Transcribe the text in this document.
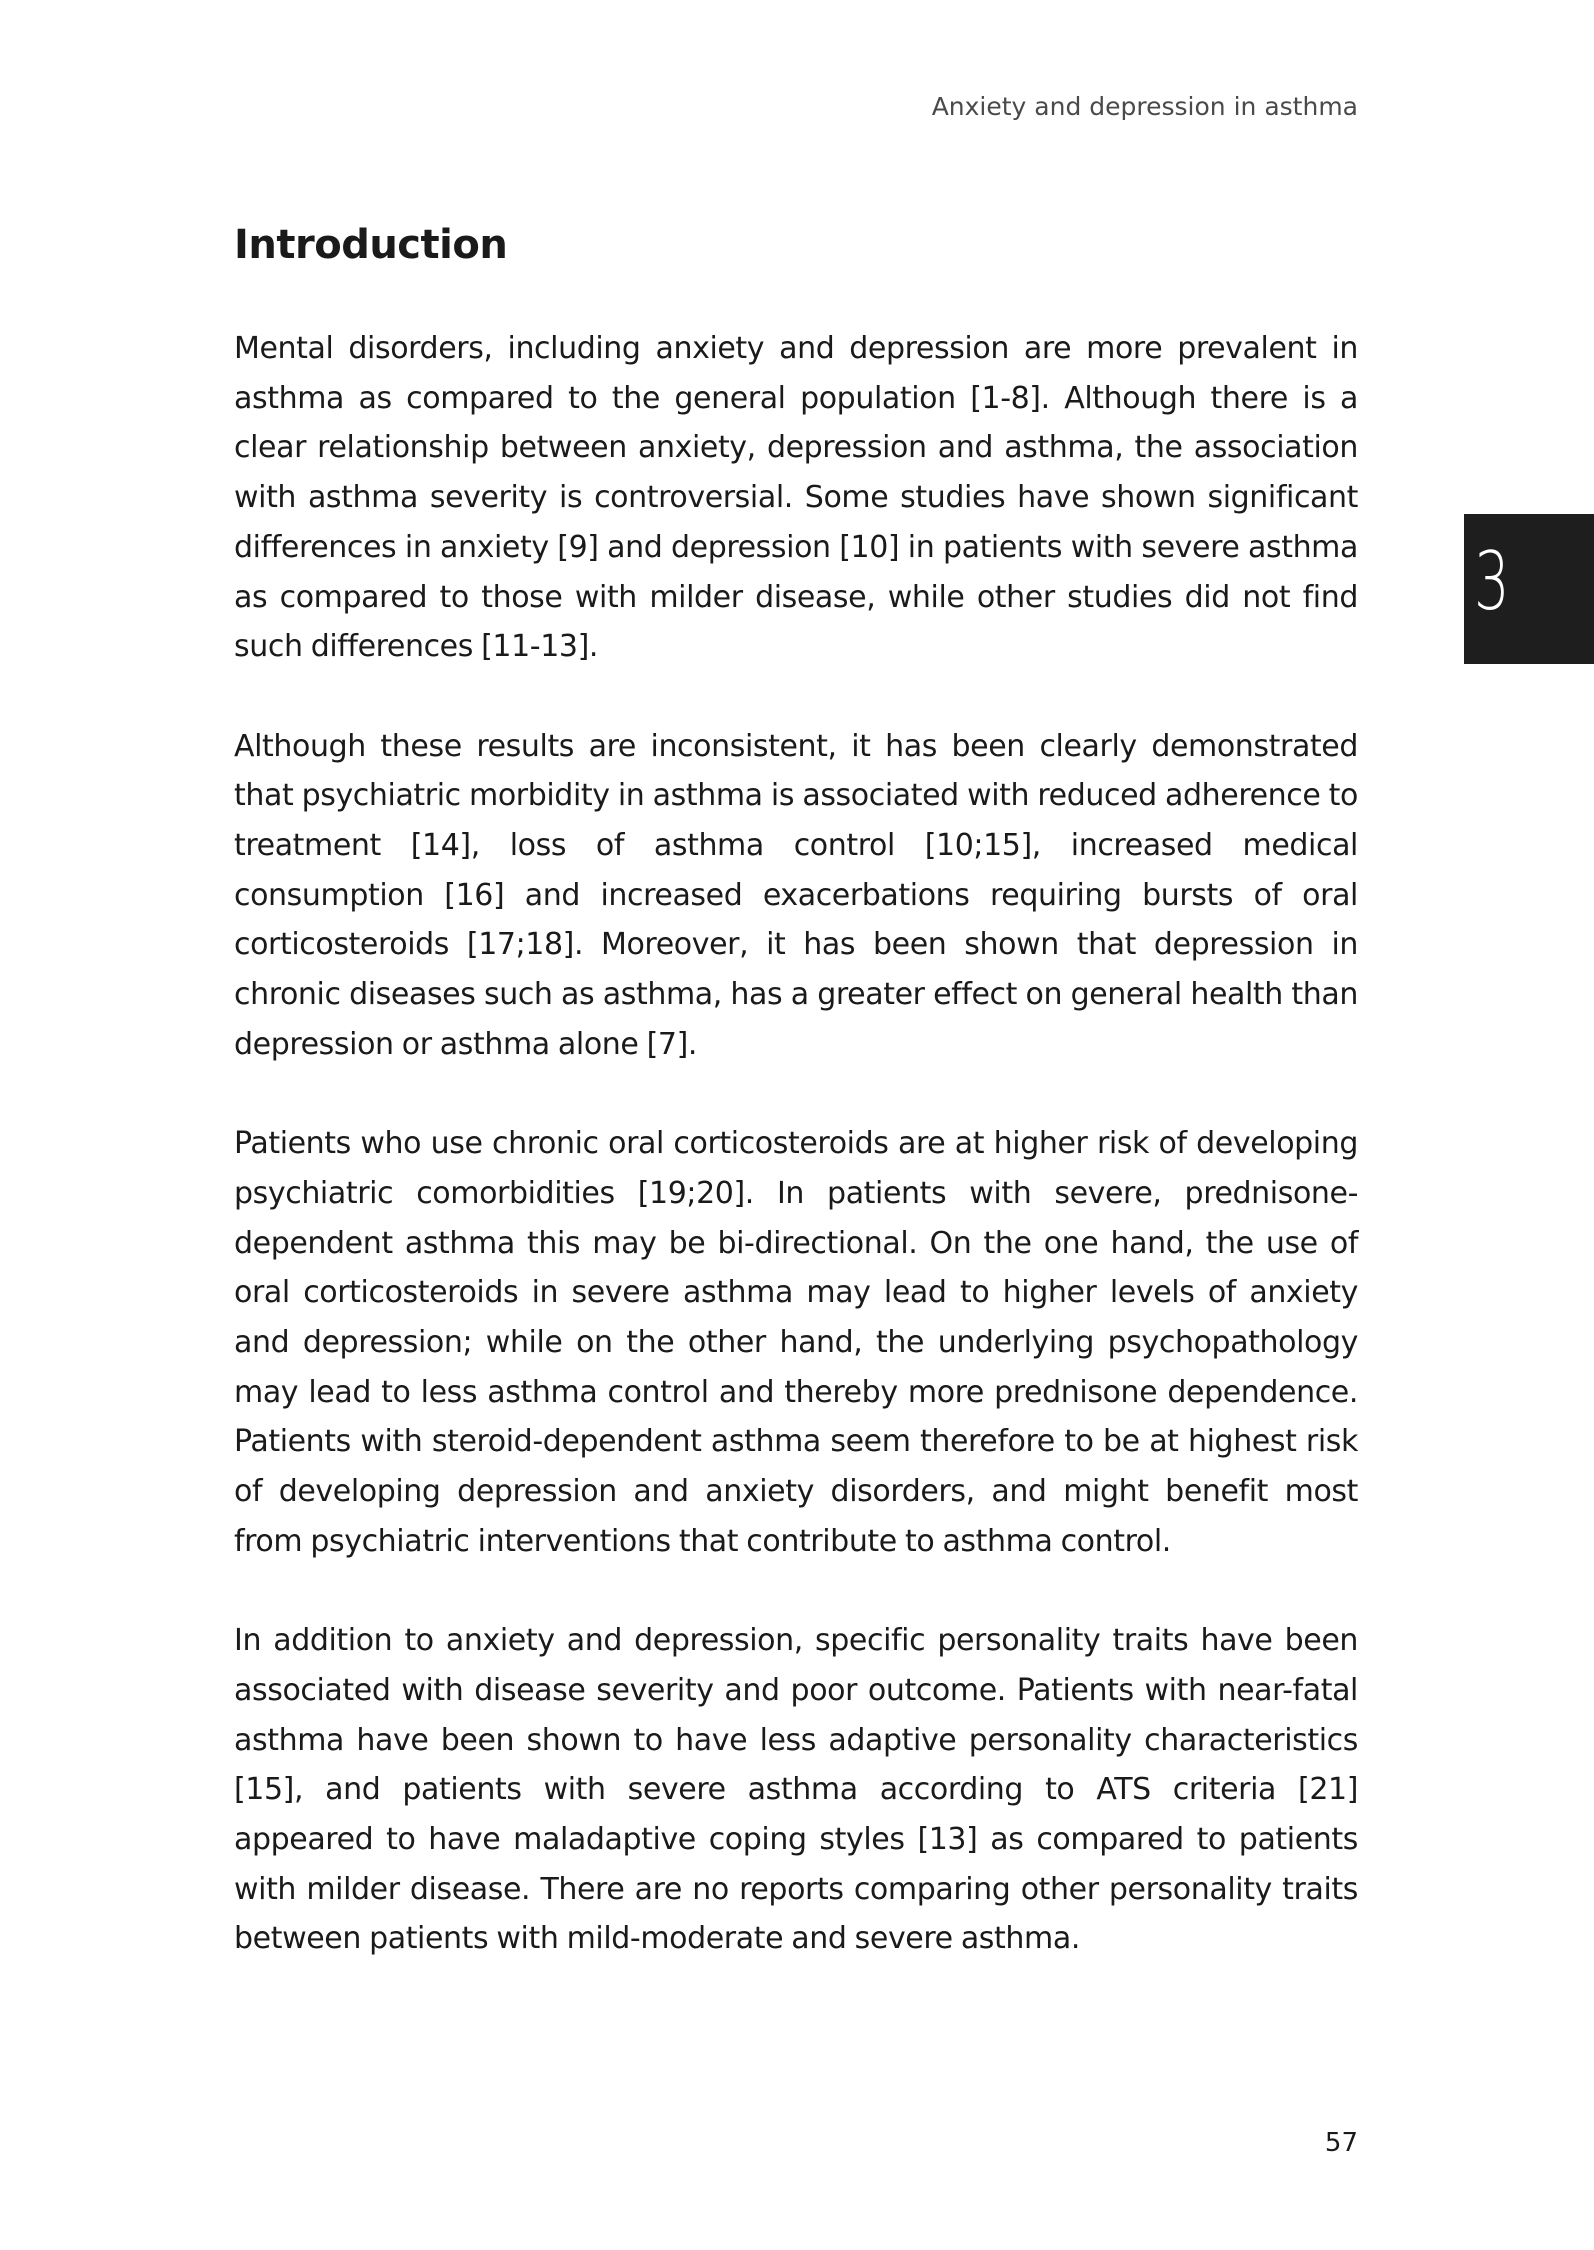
Anxiety and depression in asthma
Introduction

Mental disorders, including anxiety and depression are more prevalent in asthma as compared to the general population [1-8]. Although there is a clear relationship between anxiety, depression and asthma, the association with asthma severity is controversial. Some studies have shown significant differences in anxiety [9] and depression [10] in patients with severe asthma as compared to those with milder disease, while other studies did not find such differences [11-13].

Although these results are inconsistent, it has been clearly demonstrated that psychiatric morbidity in asthma is associated with reduced adherence to treatment [14], loss of asthma control [10;15], increased medical consumption [16] and increased exacerbations requiring bursts of oral corticosteroids [17;18]. Moreover, it has been shown that depression in chronic diseases such as asthma, has a greater effect on general health than depression or asthma alone [7].

Patients who use chronic oral corticosteroids are at higher risk of developing psychiatric comorbidities [19;20]. In patients with severe, prednisone-dependent asthma this may be bi-directional. On the one hand, the use of oral corticosteroids in severe asthma may lead to higher levels of anxiety and depression; while on the other hand, the underlying psychopathology may lead to less asthma control and thereby more prednisone dependence. Patients with steroid-dependent asthma seem therefore to be at highest risk of developing depression and anxiety disorders, and might benefit most from psychiatric interventions that contribute to asthma control.

In addition to anxiety and depression, specific personality traits have been associated with disease severity and poor outcome. Patients with near-fatal asthma have been shown to have less adaptive personality characteristics [15], and patients with severe asthma according to ATS criteria [21] appeared to have maladaptive coping styles [13] as compared to patients with milder disease. There are no reports comparing other personality traits between patients with mild-moderate and severe asthma.

3
57
